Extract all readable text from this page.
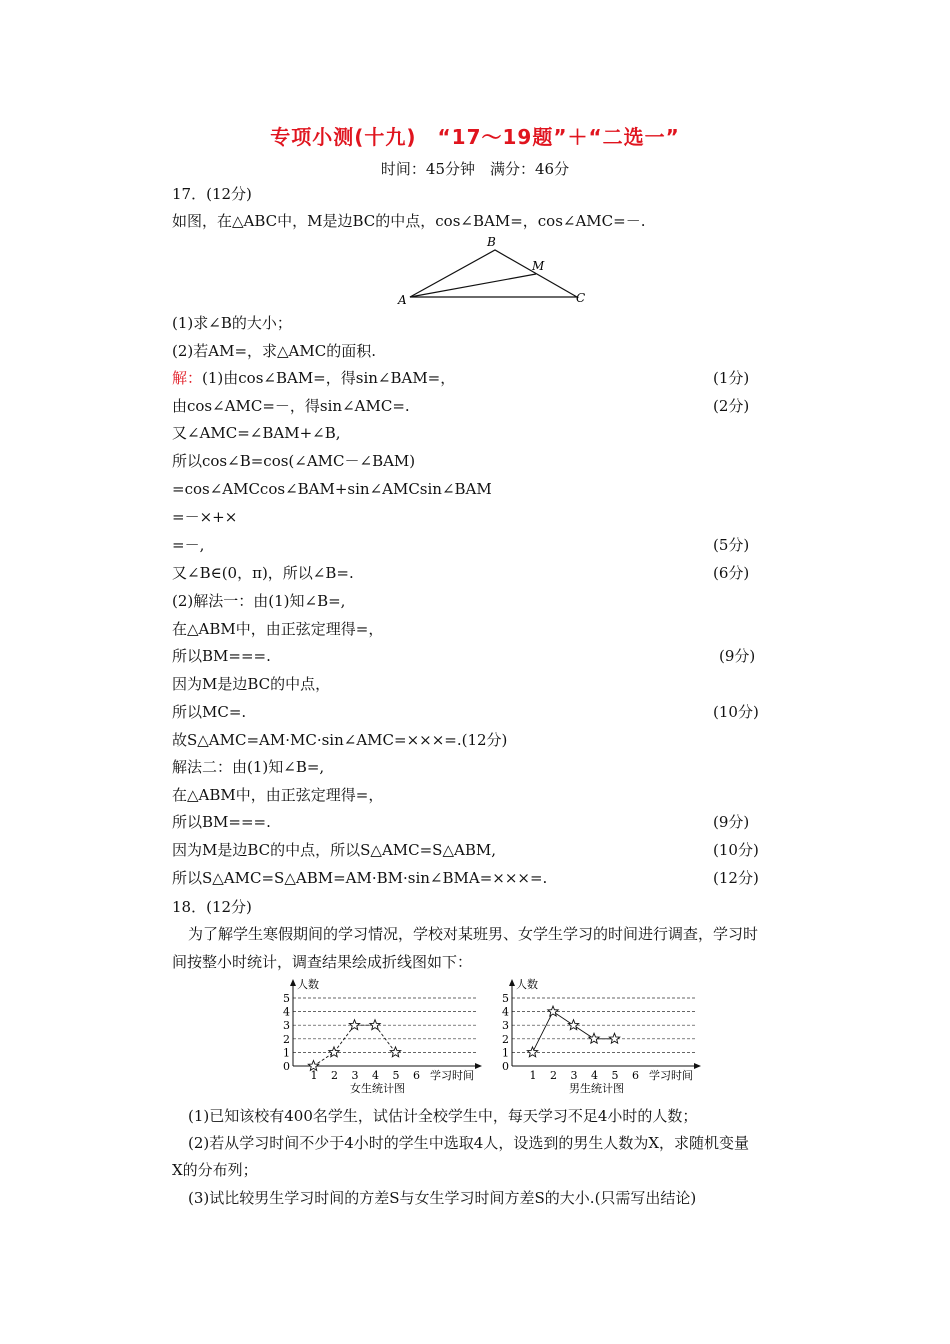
专项小测(十九)　“17～19题”＋“二选一”
时间：45分钟　满分：46分
17．(12分)
如图，在△ABC中，M是边BC的中点，cos∠BAM=，cos∠AMC=－.
B
M
A	C
(1)求∠B的大小；
(2)若AM=，求△AMC的面积.
解：(1)由cos∠BAM=，得sin∠BAM=，	(1分)
由cos∠AMC=－，得sin∠AMC=.	(2分)
又∠AMC=∠BAM+∠B,
所以cos∠B=cos(∠AMC－∠BAM)
=cos∠AMCcos∠BAM+sin∠AMCsin∠BAM
=－×+×
=－,	(5分)
又∠B∈(0，π)，所以∠B=.	(6分)
(2)解法一：由(1)知∠B=,
在△ABM中，由正弦定理得=，
所以BM===.	(9分)
因为M是边BC的中点，
所以MC=.	(10分)
故S△AMC=AM·MC·sin∠AMC=×××=.(12分)
解法二：由(1)知∠B=,
在△ABM中，由正弦定理得=，
所以BM===.	(9分)
因为M是边BC的中点，所以S△AMC=S△ABM,	(10分)
所以S△AMC=S△ABM=AM·BM·sin∠BMA=×××=.	(12分)
18．(12分)
为了解学生寒假期间的学习情况，学校对某班男、女学生学习的时间进行调查，学习时
间按整小时统计，调查结果绘成折线图如下：
0
1
2
3
4
5
1 2 3 4 5 6
人数
学习时间
女生统计图
0
1
2
3
4
5
1 2 3 4 5 6
人数
学习时间
男生统计图
(1)已知该校有400名学生，试估计全校学生中，每天学习不足4小时的人数；
(2)若从学习时间不少于4小时的学生中选取4人，设选到的男生人数为X，求随机变量
X的分布列；
(3)试比较男生学习时间的方差S与女生学习时间方差S的大小.(只需写出结论)
